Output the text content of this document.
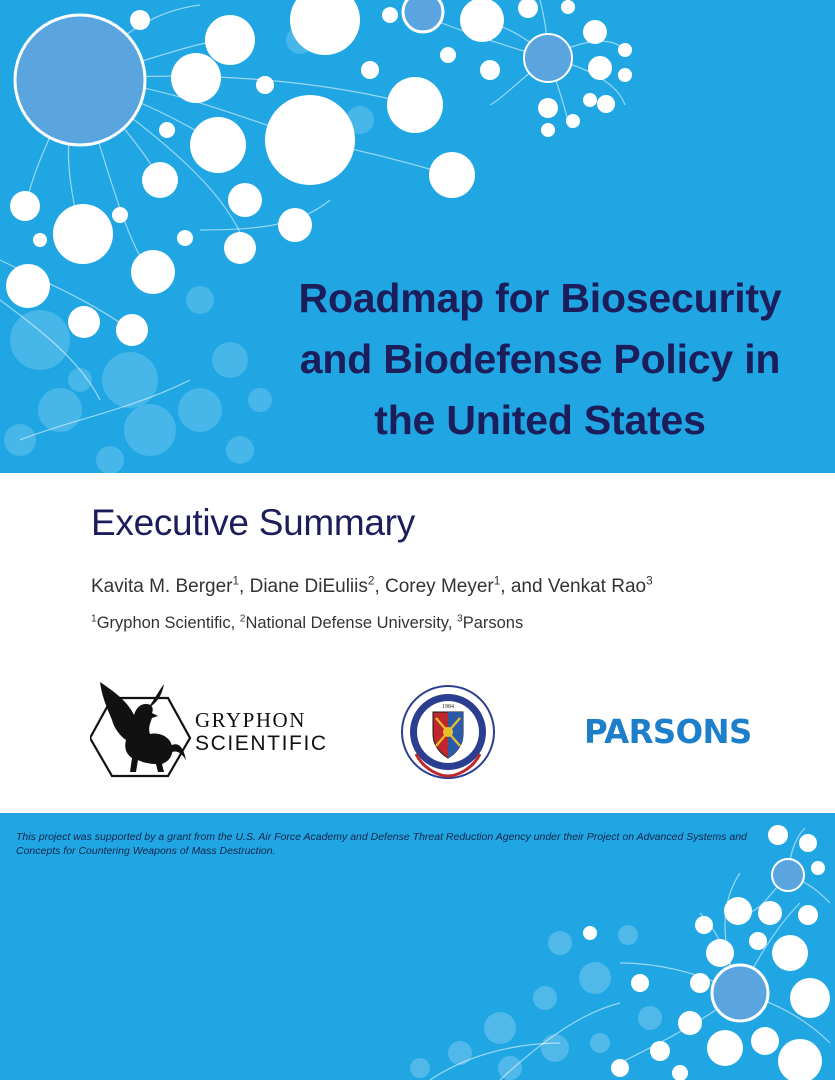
Roadmap for Biosecurity
and Biodefense Policy in
the United States
Executive Summary

Kavita M. Berger$^1$, Diane DiEuliis$^2$, Corey Meyer$^1$, and Venkat Rao$^3$

$^1$Gryphon Scientific, $^2$National Defense University, $^3$Parsons

GRYPHON
SCIENTIFIC
1984

PARSONS

This project was supported by a grant from the U.S. Air Force Academy and Defense Threat Reduction Agency under their Project on Advanced Systems and Concepts for Countering Weapons of Mass Destruction.
